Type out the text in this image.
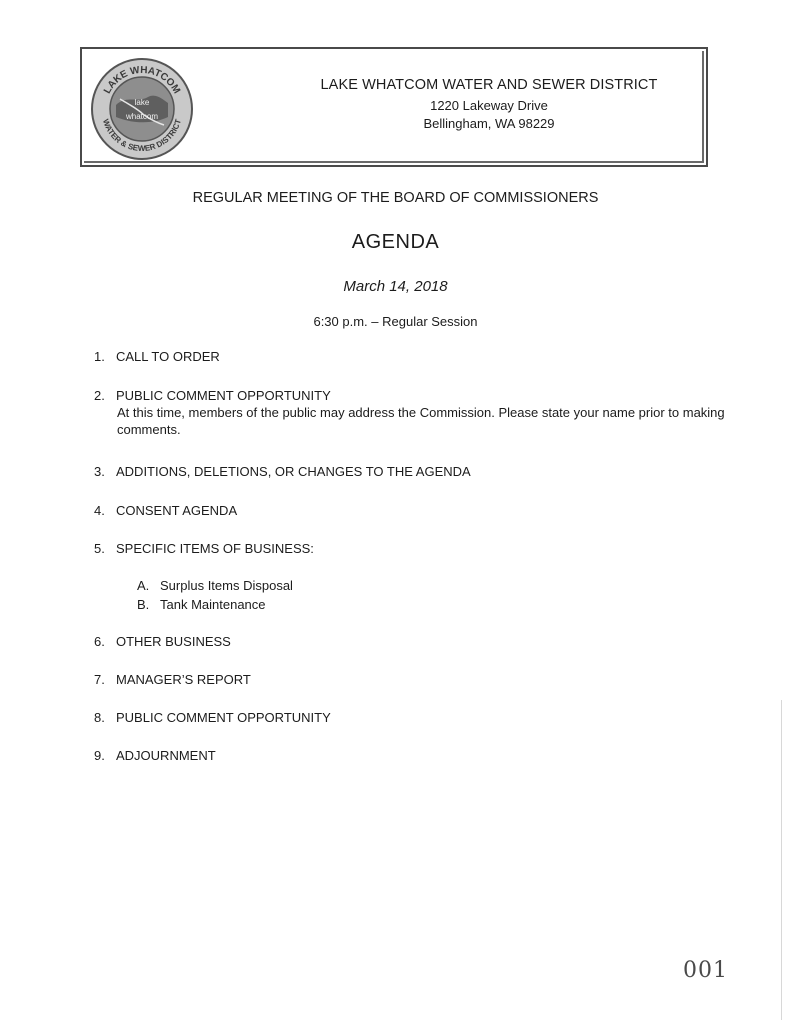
LAKE WHATCOM
WATER & SEWER DISTRICT
lake
whatcom
LAKE WHATCOM WATER AND SEWER DISTRICT
1220 Lakeway Drive
Bellingham, WA 98229
REGULAR MEETING OF THE BOARD OF COMMISSIONERS
AGENDA
March 14, 2018
6:30 p.m. – Regular Session
1. CALL TO ORDER
2. PUBLIC COMMENT OPPORTUNITY
At this time, members of the public may address the Commission. Please state your name prior to making comments.
3. ADDITIONS, DELETIONS, OR CHANGES TO THE AGENDA
4. CONSENT AGENDA
5. SPECIFIC ITEMS OF BUSINESS:
A. Surplus Items Disposal
B. Tank Maintenance
6. OTHER BUSINESS
7. MANAGER’S REPORT
8. PUBLIC COMMENT OPPORTUNITY
9. ADJOURNMENT
001
